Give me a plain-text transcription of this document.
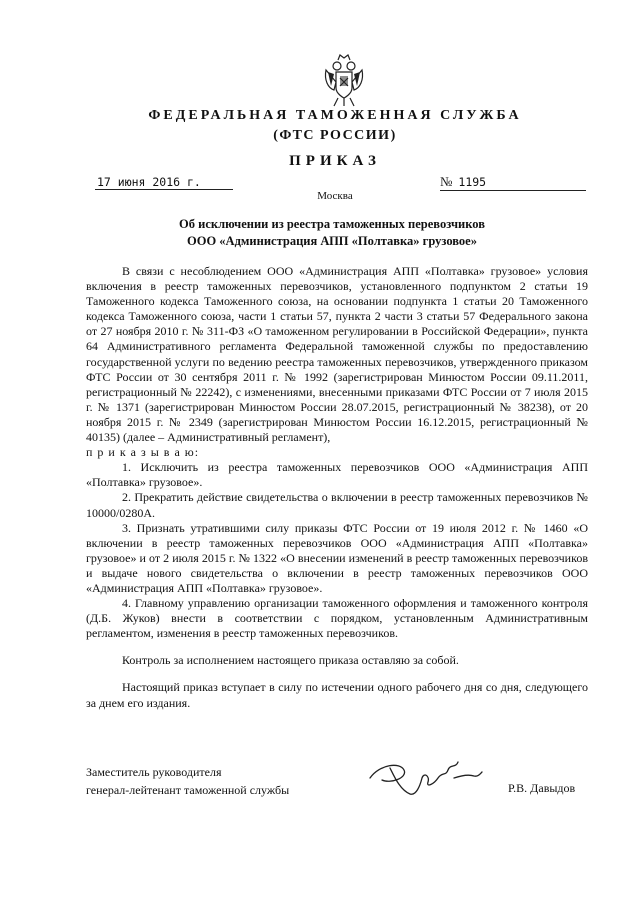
ФЕДЕРАЛЬНАЯ ТАМОЖЕННАЯ СЛУЖБА
(ФТС РОССИИ)
ПРИКАЗ
17 июня 2016 г.	№ 1195
Москва
Об исключении из реестра таможенных перевозчиков
ООО «Администрация АПП «Полтавка» грузовое»

В связи с несоблюдением ООО «Администрация АПП «Полтавка» грузовое» условия включения в реестр таможенных перевозчиков, установленного подпунктом 2 статьи 19 Таможенного кодекса Таможенного союза, на основании подпункта 1 статьи 20 Таможенного кодекса Таможенного союза, части 1 статьи 57, пункта 2 части 3 статьи 57 Федерального закона от 27 ноября 2010 г. № 311-ФЗ «О таможенном регулировании в Российской Федерации», пункта 64 Административного регламента Федеральной таможенной службы по предоставлению государственной услуги по ведению реестра таможенных перевозчиков, утвержденного приказом ФТС России от 30 сентября 2011 г. № 1992 (зарегистрирован Минюстом России 09.11.2011, регистрационный № 22242), с изменениями, внесенными приказами ФТС России от 7 июля 2015 г. № 1371 (зарегистрирован Минюстом России 28.07.2015, регистрационный № 38238), от 20 ноября 2015 г. № 2349 (зарегистрирован Минюстом России 16.12.2015, регистрационный № 40135) (далее – Административный регламент),

п р и к а з ы в а ю:

1. Исключить из реестра таможенных перевозчиков ООО «Администрация АПП «Полтавка» грузовое».

2. Прекратить действие свидетельства о включении в реестр таможенных перевозчиков № 10000/0280А.

3. Признать утратившими силу приказы ФТС России от 19 июля 2012 г. № 1460 «О включении в реестр таможенных перевозчиков ООО «Администрация АПП «Полтавка» грузовое» и от 2 июля 2015 г. № 1322 «О внесении изменений в реестр таможенных перевозчиков и выдаче нового свидетельства о включении в реестр таможенных перевозчиков ООО «Администрация АПП «Полтавка» грузовое».

4. Главному управлению организации таможенного оформления и таможенного контроля (Д.Б. Жуков) внести в соответствии с порядком, установленным Административным регламентом, изменения в реестр таможенных перевозчиков.

Контроль за исполнением настоящего приказа оставляю за собой.

Настоящий приказ вступает в силу по истечении одного рабочего дня со дня, следующего за днем его издания.

Заместитель руководителя
генерал-лейтенант таможенной службы	Р.В. Давыдов
